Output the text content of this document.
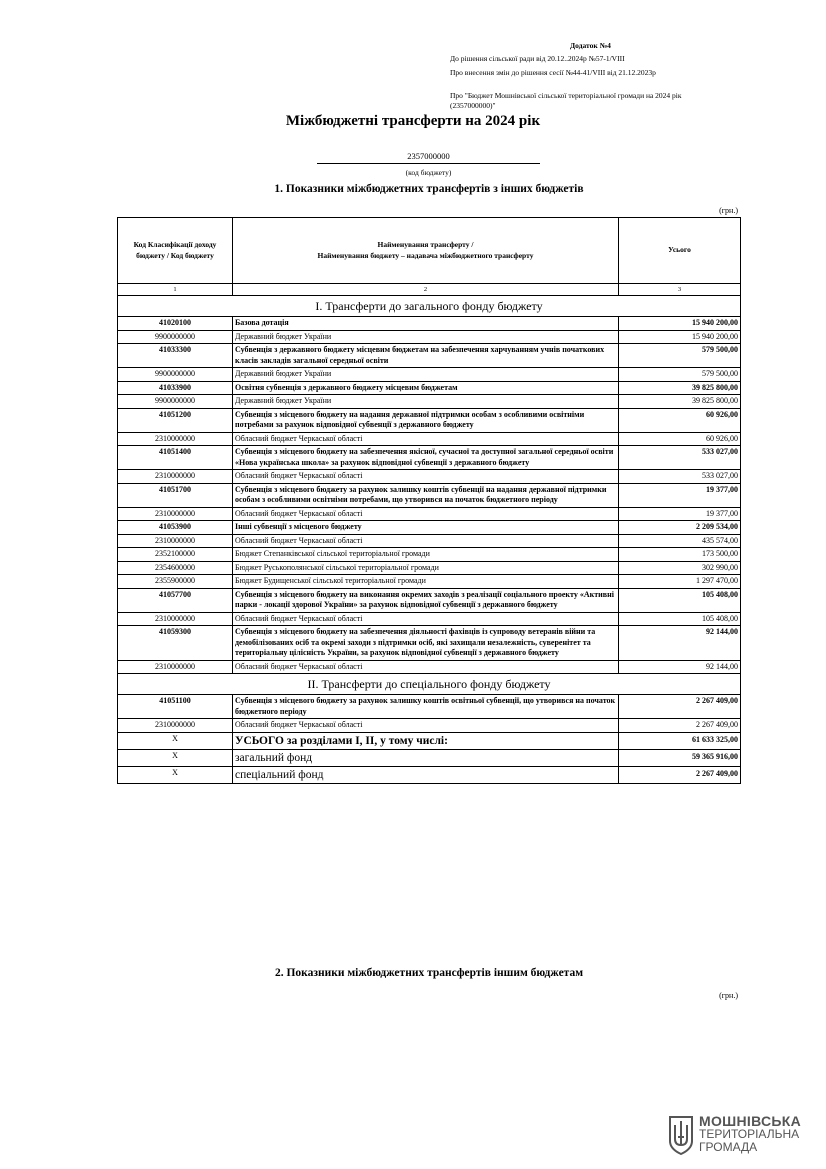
Додаток №4
До рішення сільської ради від 20.12..2024р №57-1/VIII
Про внесення змін до рішення сесії №44-41/VIII від 21.12.2023р
Про "Бюджет Мошнівської сільської територіальної громади на 2024 рік
(2357000000)"
Міжбюджетні трансферти на 2024 рік
2357000000
(код бюджету)
1. Показники міжбюджетних трансфертів з інших бюджетів
(грн.)
Код Класифікації доходу бюджету / Код бюджету	Найменування трансферту /
Найменування бюджету – надавача міжбюджетного трансферту	Усього
1	2	3
I. Трансферти до загального фонду бюджету		
41020100	Базова дотація	15 940 200,00
9900000000	Державний бюджет України	15 940 200,00
41033300	Субвенція з державного бюджету місцевим бюджетам на забезпечення харчуванням учнів початкових класів закладів загальної середньої освіти	579 500,00
9900000000	Державний бюджет України	579 500,00
41033900	Освітня субвенція з державного бюджету місцевим бюджетам	39 825 800,00
9900000000	Державний бюджет України	39 825 800,00
41051200	Субвенція з місцевого бюджету на надання державної підтримки особам з особливими освітніми потребами за рахунок відповідної субвенції з державного бюджету	60 926,00
2310000000	Обласний бюджет Черкаської області	60 926,00
41051400	Субвенція з місцевого бюджету на забезпечення якісної, сучасної та доступної загальної середньої освіти «Нова українська школа» за рахунок відповідної субвенції з державного бюджету	533 027,00
2310000000	Обласний бюджет Черкаської області	533 027,00
41051700	Субвенція з місцевого бюджету за рахунок залишку коштів субвенції на надання державної підтримки особам з особливими освітніми потребами, що утворився на початок бюджетного періоду	19 377,00
2310000000	Обласний бюджет Черкаської області	19 377,00
41053900	Інші субвенції з місцевого бюджету	2 209 534,00
2310000000	Обласний бюджет Черкаської області	435 574,00
2352100000	Бюджет Степанківської сільської територіальної громади	173 500,00
2354600000	Бюджет Руськополянської сільської територіальної громади	302 990,00
2355900000	Бюджет Будищенської сільської територіальної громади	1 297 470,00
41057700	Субвенція з місцевого бюджету на виконання окремих заходів з реалізації соціального проекту «Активні парки - локації здорової України» за рахунок відповідної субвенції з державного бюджету	105 408,00
2310000000	Обласний бюджет Черкаської області	105 408,00
41059300	Субвенція з місцевого бюджету на забезпечення діяльності фахівців із супроводу ветеранів війни та демобілізованих осіб та окремі заходи з підтримки осіб, які захищали незалежність, суверенітет та територіальну цілісність України, за рахунок відповідної субвенції з державного бюджету	92 144,00
2310000000	Обласний бюджет Черкаської області	92 144,00
II. Трансферти до спеціального фонду бюджету		
41051100	Субвенція з місцевого бюджету за рахунок залишку коштів освітньої субвенції, що утворився на початок бюджетного періоду	2 267 409,00
2310000000	Обласний бюджет Черкаської області	2 267 409,00
X	УСЬОГО за розділами I, II, у тому числі:	61 633 325,00
X	загальний фонд	59 365 916,00
X	спеціальний фонд	2 267 409,00
2. Показники міжбюджетних трансфертів іншим бюджетам
(грн.)
МОШНІВСЬКА
ТЕРИТОРІАЛЬНА
ГРОМАДА
